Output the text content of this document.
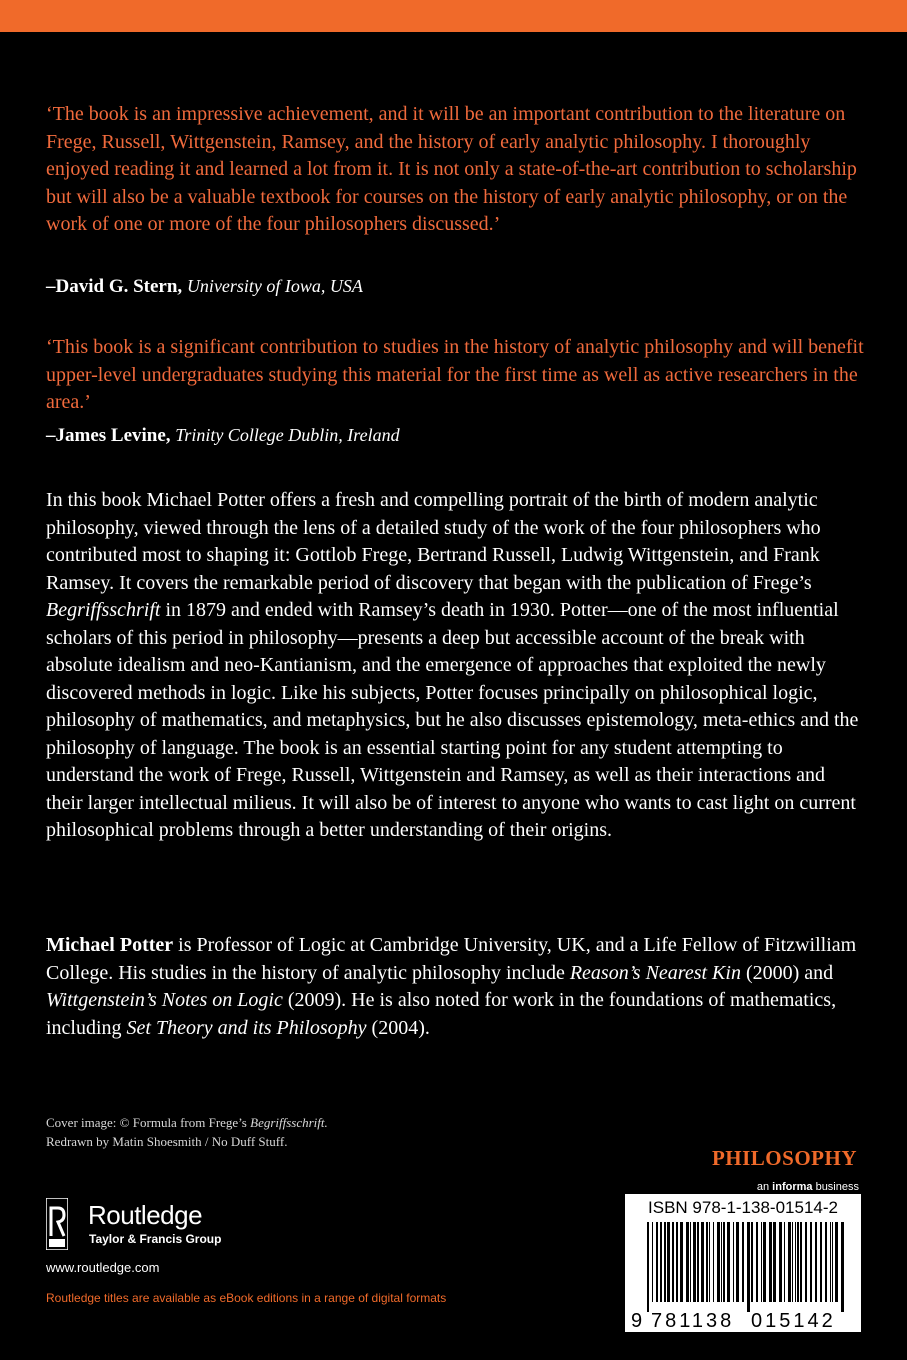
‘The book is an impressive achievement, and it will be an important contribution to the literature on Frege, Russell, Wittgenstein, Ramsey, and the history of early analytic philosophy. I thoroughly enjoyed reading it and learned a lot from it. It is not only a state-of-the-art contribution to scholarship but will also be a valuable textbook for courses on the history of early analytic philosophy, or on the work of one or more of the four philosophers discussed.’
–David G. Stern, University of Iowa, USA
‘This book is a significant contribution to studies in the history of analytic philosophy and will benefit upper-level undergraduates studying this material for the first time as well as active researchers in the area.’
–James Levine, Trinity College Dublin, Ireland
In this book Michael Potter offers a fresh and compelling portrait of the birth of modern analytic philosophy, viewed through the lens of a detailed study of the work of the four philosophers who contributed most to shaping it: Gottlob Frege, Bertrand Russell, Ludwig Wittgenstein, and Frank Ramsey. It covers the remarkable period of discovery that began with the publication of Frege’s Begriffsschrift in 1879 and ended with Ramsey’s death in 1930. Potter—one of the most influential scholars of this period in philosophy—presents a deep but accessible account of the break with absolute idealism and neo-Kantianism, and the emergence of approaches that exploited the newly discovered methods in logic. Like his subjects, Potter focuses principally on philosophical logic, philosophy of mathematics, and metaphysics, but he also discusses epistemology, meta-ethics and the philosophy of language. The book is an essential starting point for any student attempting to understand the work of Frege, Russell, Wittgenstein and Ramsey, as well as their interactions and their larger intellectual milieus. It will also be of interest to anyone who wants to cast light on current philosophical problems through a better understanding of their origins.
Michael Potter is Professor of Logic at Cambridge University, UK, and a Life Fellow of Fitzwilliam College. His studies in the history of analytic philosophy include Reason’s Nearest Kin (2000) and Wittgenstein’s Notes on Logic (2009). He is also noted for work in the foundations of mathematics, including Set Theory and its Philosophy (2004).
Cover image: © Formula from Frege’s Begriffsschrift.
Redrawn by Matin Shoesmith / No Duff Stuff.
Routledge
Taylor & Francis Group
www.routledge.com
Routledge titles are available as eBook editions in a range of digital formats
PHILOSOPHY
an informa business
ISBN 978-1-138-01514-2
9 781138 015142
